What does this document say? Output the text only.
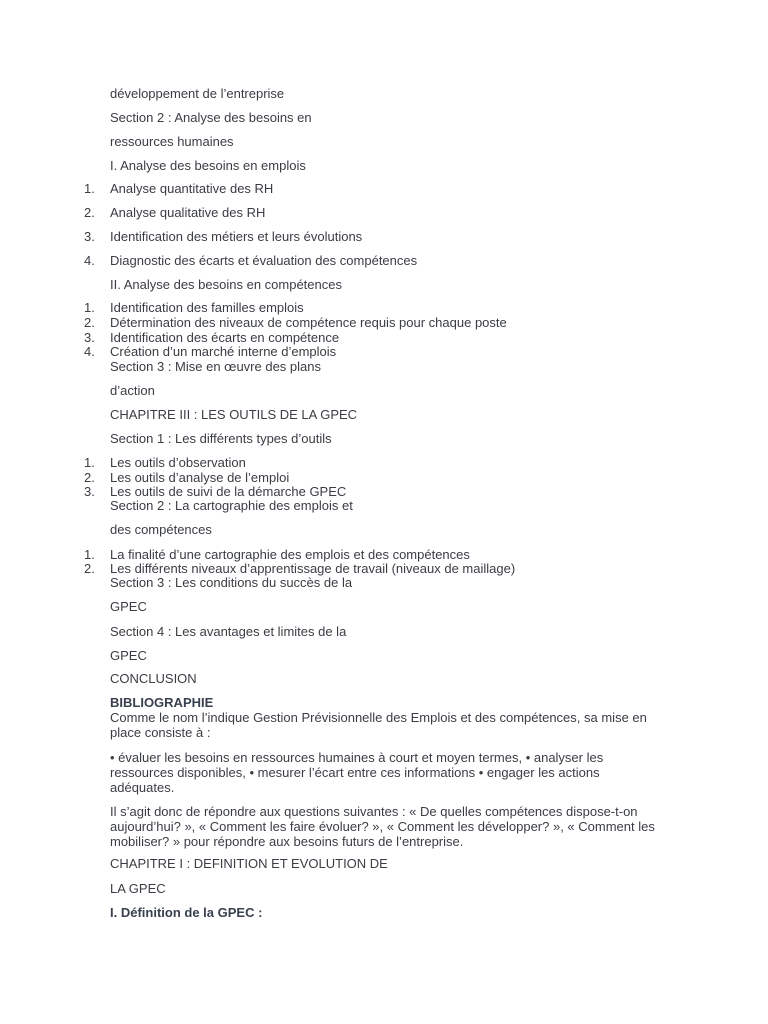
développement de l’entreprise
Section 2 : Analyse des besoins en
ressources humaines
I. Analyse des besoins en emplois
1.	Analyse quantitative des RH
2.	Analyse qualitative des RH
3.	Identification des métiers et leurs évolutions
4.	Diagnostic des écarts et évaluation des compétences
II. Analyse des besoins en compétences
1.	Identification des familles emplois
2.	Détermination des niveaux de compétence requis pour chaque poste
3.	Identification des écarts en compétence
4.	Création d’un marché interne d’emplois
Section 3 : Mise en œuvre des plans
d’action
CHAPITRE III : LES OUTILS DE LA GPEC
Section 1 : Les différents types d’outils
1.	Les outils d’observation
2.	Les outils d’analyse de l’emploi
3.	Les outils de suivi de la démarche GPEC
Section 2 : La cartographie des emplois et
des compétences
1.	La finalité d’une cartographie des emplois et des compétences
2.	Les différents niveaux d’apprentissage de travail (niveaux de maillage)
Section 3 : Les conditions du succès de la
GPEC
Section 4 : Les avantages et limites de la
GPEC
CONCLUSION
BIBLIOGRAPHIE
Comme le nom l’indique Gestion Prévisionnelle des Emplois et des compétences, sa mise en place consiste à :
• évaluer les besoins en ressources humaines à court et moyen termes, • analyser les ressources disponibles, • mesurer l’écart entre ces informations • engager les actions adéquates.
Il s’agit donc de répondre aux questions suivantes : « De quelles compétences dispose-t-on aujourd’hui? », « Comment les faire évoluer? », « Comment les développer? », « Comment les mobiliser? » pour répondre aux besoins futurs de l’entreprise.
CHAPITRE I : DEFINITION ET EVOLUTION DE
LA GPEC
I. Définition de la GPEC :
